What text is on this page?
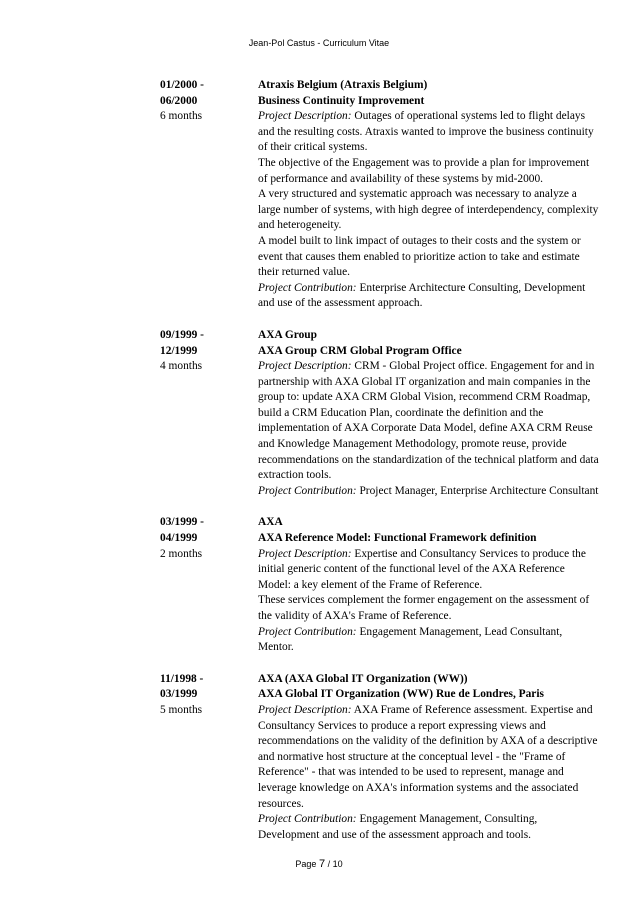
Jean-Pol Castus - Curriculum Vitae
01/2000 -
06/2000
6 months
Atraxis Belgium (Atraxis Belgium)
Business Continuity Improvement
Project Description: Outages of operational systems led to flight delays and the resulting costs. Atraxis wanted to improve the business continuity of their critical systems.
The objective of the Engagement was to provide a plan for improvement of performance and availability of these systems by mid-2000.
A very structured and systematic approach was necessary to analyze a large number of systems, with high degree of interdependency, complexity and heterogeneity.
A model built to link impact of outages to their costs and the system or event that causes them enabled to prioritize action to take and estimate their returned value.
Project Contribution: Enterprise Architecture Consulting, Development and use of the assessment approach.
09/1999 -
12/1999
4 months
AXA Group
AXA Group CRM Global Program Office
Project Description: CRM - Global Project office. Engagement for and in partnership with AXA Global IT organization and main companies in the group to: update AXA CRM Global Vision, recommend CRM Roadmap, build a CRM Education Plan, coordinate the definition and the implementation of AXA Corporate Data Model, define AXA CRM Reuse and Knowledge Management Methodology, promote reuse, provide recommendations on the standardization of the technical platform and data extraction tools.
Project Contribution: Project Manager, Enterprise Architecture Consultant
03/1999 -
04/1999
2 months
AXA
AXA Reference Model: Functional Framework definition
Project Description: Expertise and Consultancy Services to produce the initial generic content of the functional level of the AXA Reference Model: a key element of the Frame of Reference.
These services complement the former engagement on the assessment of the validity of AXA's Frame of Reference.
Project Contribution: Engagement Management, Lead Consultant, Mentor.
11/1998 -
03/1999
5 months
AXA (AXA Global IT Organization (WW))
AXA Global IT Organization (WW) Rue de Londres, Paris
Project Description: AXA Frame of Reference assessment. Expertise and Consultancy Services to produce a report expressing views and recommendations on the validity of the definition by AXA of a descriptive and normative host structure at the conceptual level - the "Frame of Reference" - that was intended to be used to represent, manage and leverage knowledge on AXA's information systems and the associated resources.
Project Contribution: Engagement Management, Consulting, Development and use of the assessment approach and tools.
Page 7 / 10
